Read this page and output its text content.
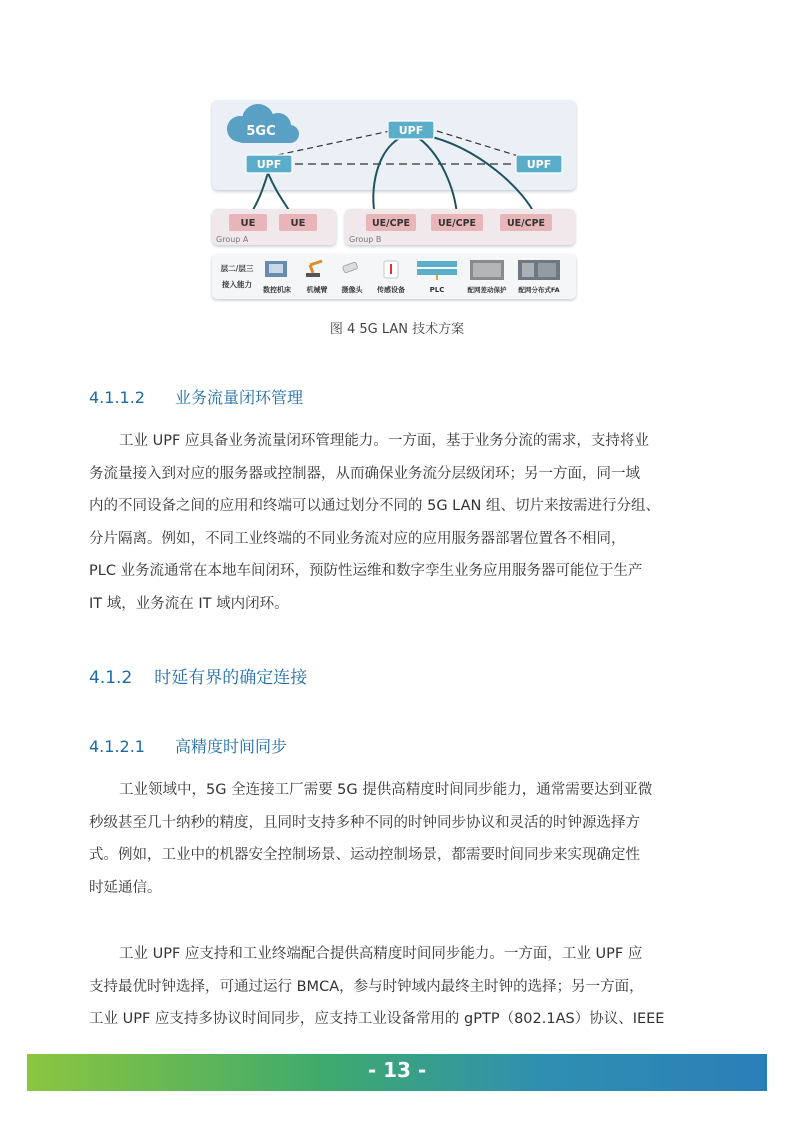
5GC	UPF
UPF	UPF
UE	UE
Group A
UE/CPE	UE/CPE	UE/CPE
Group B
层二/层三
接入能力
数控机床 机械臂 摄像头 传感设备	PLC	配网差动保护 配网分布式FA
图 4 5G LAN 技术方案
4.1.1.2 业务流量闭环管理
工业 UPF 应具备业务流量闭环管理能力。一方面，基于业务分流的需求，支持将业
务流量接入到对应的服务器或控制器，从而确保业务流分层级闭环；另一方面，同一域
内的不同设备之间的应用和终端可以通过划分不同的 5G LAN 组、切片来按需进行分组、
分片隔离。例如，不同工业终端的不同业务流对应的应用服务器部署位置各不相同，
PLC 业务流通常在本地车间闭环，预防性运维和数字孪生业务应用服务器可能位于生产
IT 域，业务流在 IT 域内闭环。
4.1.2 时延有界的确定连接
4.1.2.1 高精度时间同步
工业领域中，5G 全连接工厂需要 5G 提供高精度时间同步能力，通常需要达到亚微
秒级甚至几十纳秒的精度，且同时支持多种不同的时钟同步协议和灵活的时钟源选择方
式。例如，工业中的机器安全控制场景、运动控制场景，都需要时间同步来实现确定性
时延通信。
工业 UPF 应支持和工业终端配合提供高精度时间同步能力。一方面，工业 UPF 应
支持最优时钟选择，可通过运行 BMCA，参与时钟域内最终主时钟的选择；另一方面，
工业 UPF 应支持多协议时间同步，应支持工业设备常用的 gPTP（802.1AS）协议、IEEE
- 13 -
